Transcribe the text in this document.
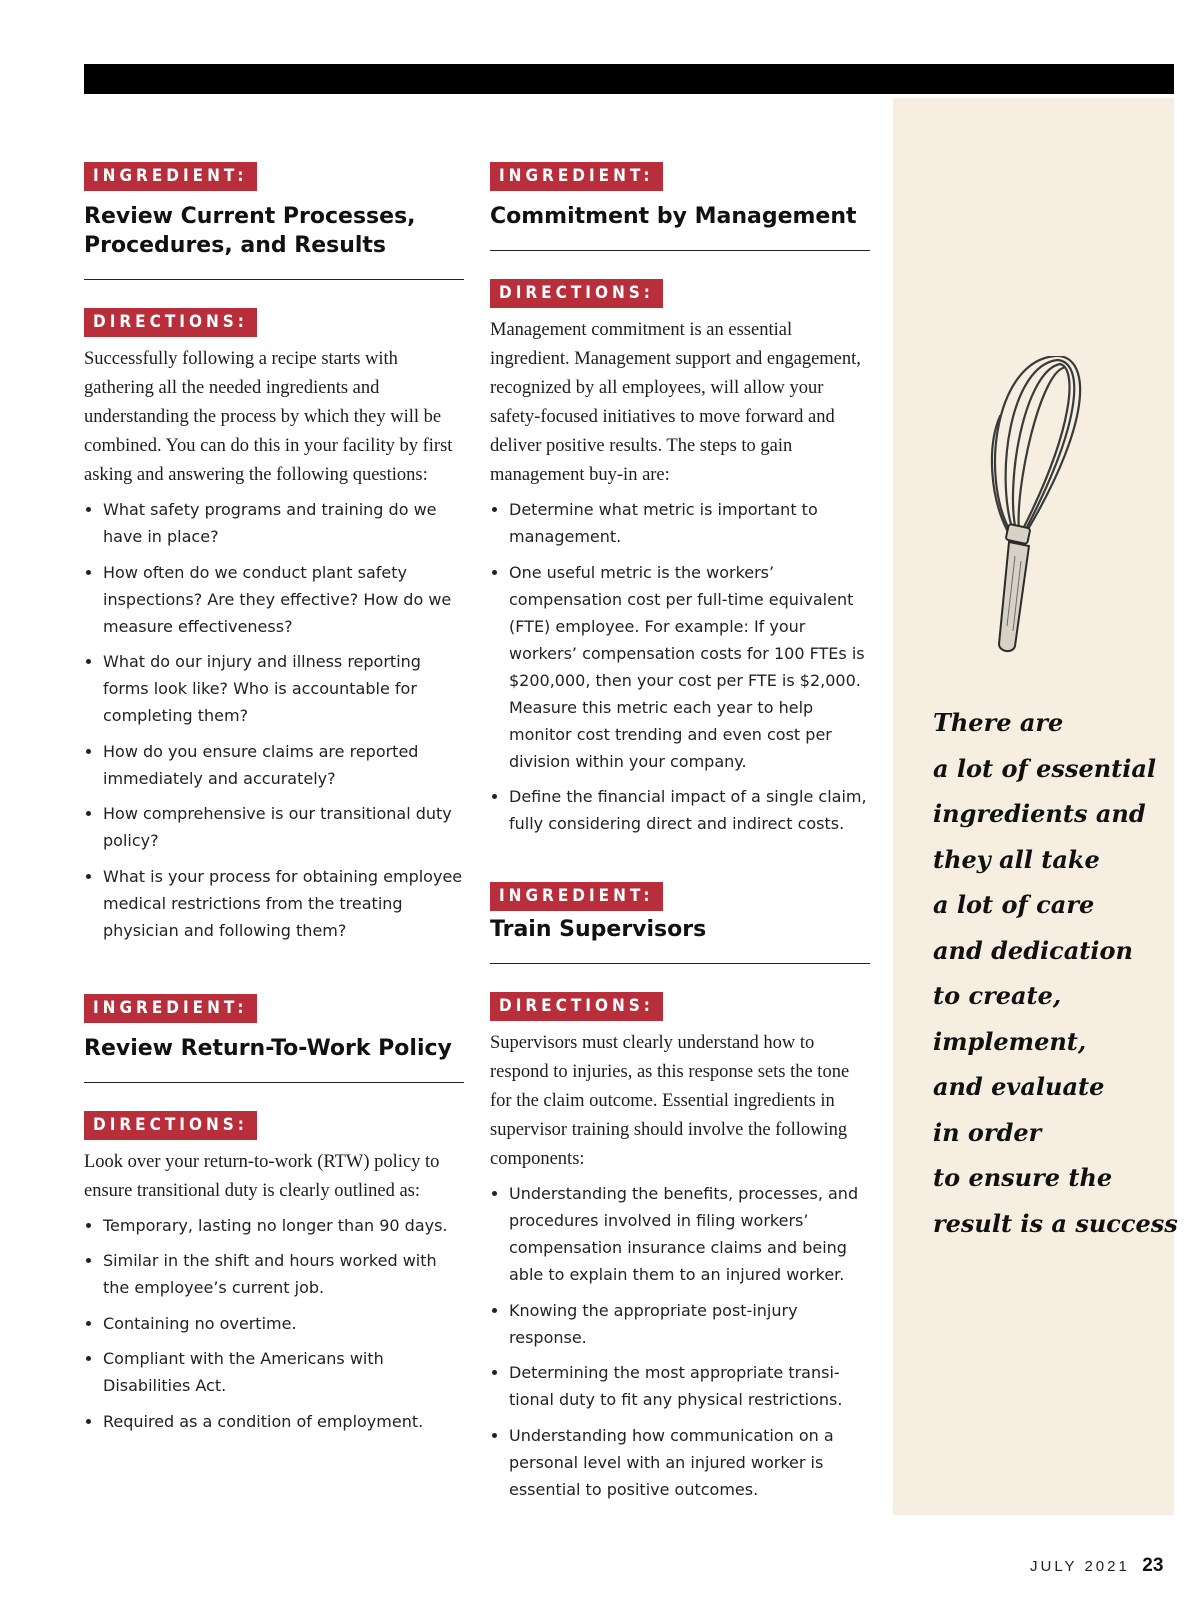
INGREDIENT:
Review Current Processes, Procedures, and Results
DIRECTIONS:

Successfully following a recipe starts with gathering all the needed ingredients and understanding the process by which they will be combined. You can do this in your facility by first asking and answering the following questions:

What safety programs and training do we have in place?
How often do we conduct plant safety inspections? Are they effective? How do we measure effectiveness?
What do our injury and illness reporting forms look like? Who is accountable for completing them?
How do you ensure claims are reported immediately and accurately?
How comprehensive is our transitional duty policy?
What is your process for obtaining employee medical restrictions from the treating physician and following them?
INGREDIENT:
Review Return-To-Work Policy
DIRECTIONS:

Look over your return-to-work (RTW) policy to ensure transitional duty is clearly outlined as:

Temporary, lasting no longer than 90 days.
Similar in the shift and hours worked with the employee’s current job.
Containing no overtime.
Compliant with the Americans with Disabilities Act.
Required as a condition of employment.
INGREDIENT:
Commitment by Management
DIRECTIONS:

Management commitment is an essential ingredient. Management support and engagement, recognized by all employees, will allow your safety-focused initiatives to move forward and deliver positive results. The steps to gain management buy-in are:

Determine what metric is important to management.
One useful metric is the workers’ compensation cost per full-time equivalent (FTE) employee. For example: If your workers’ compensation costs for 100 FTEs is $200,000, then your cost per FTE is $2,000. Measure this metric each year to help monitor cost trending and even cost per division within your company.
Define the financial impact of a single claim, fully considering direct and indirect costs.
INGREDIENT:
Train Supervisors
DIRECTIONS:

Supervisors must clearly understand how to respond to injuries, as this response sets the tone for the claim outcome. Essential ingredients in supervisor training should involve the following components:

Understanding the benefits, processes, and procedures involved in filing workers’ compensation insurance claims and being able to explain them to an injured worker.
Knowing the appropriate post-injury response.
Determining the most appropriate transi-tional duty to fit any physical restrictions.
Understanding how communication on a personal level with an injured worker is essential to positive outcomes.
There are
a lot of essential
ingredients and
they all take
a lot of care
and dedication
to create,
implement,
and evaluate
in order
to ensure the
result is a success
JULY 2021 23
